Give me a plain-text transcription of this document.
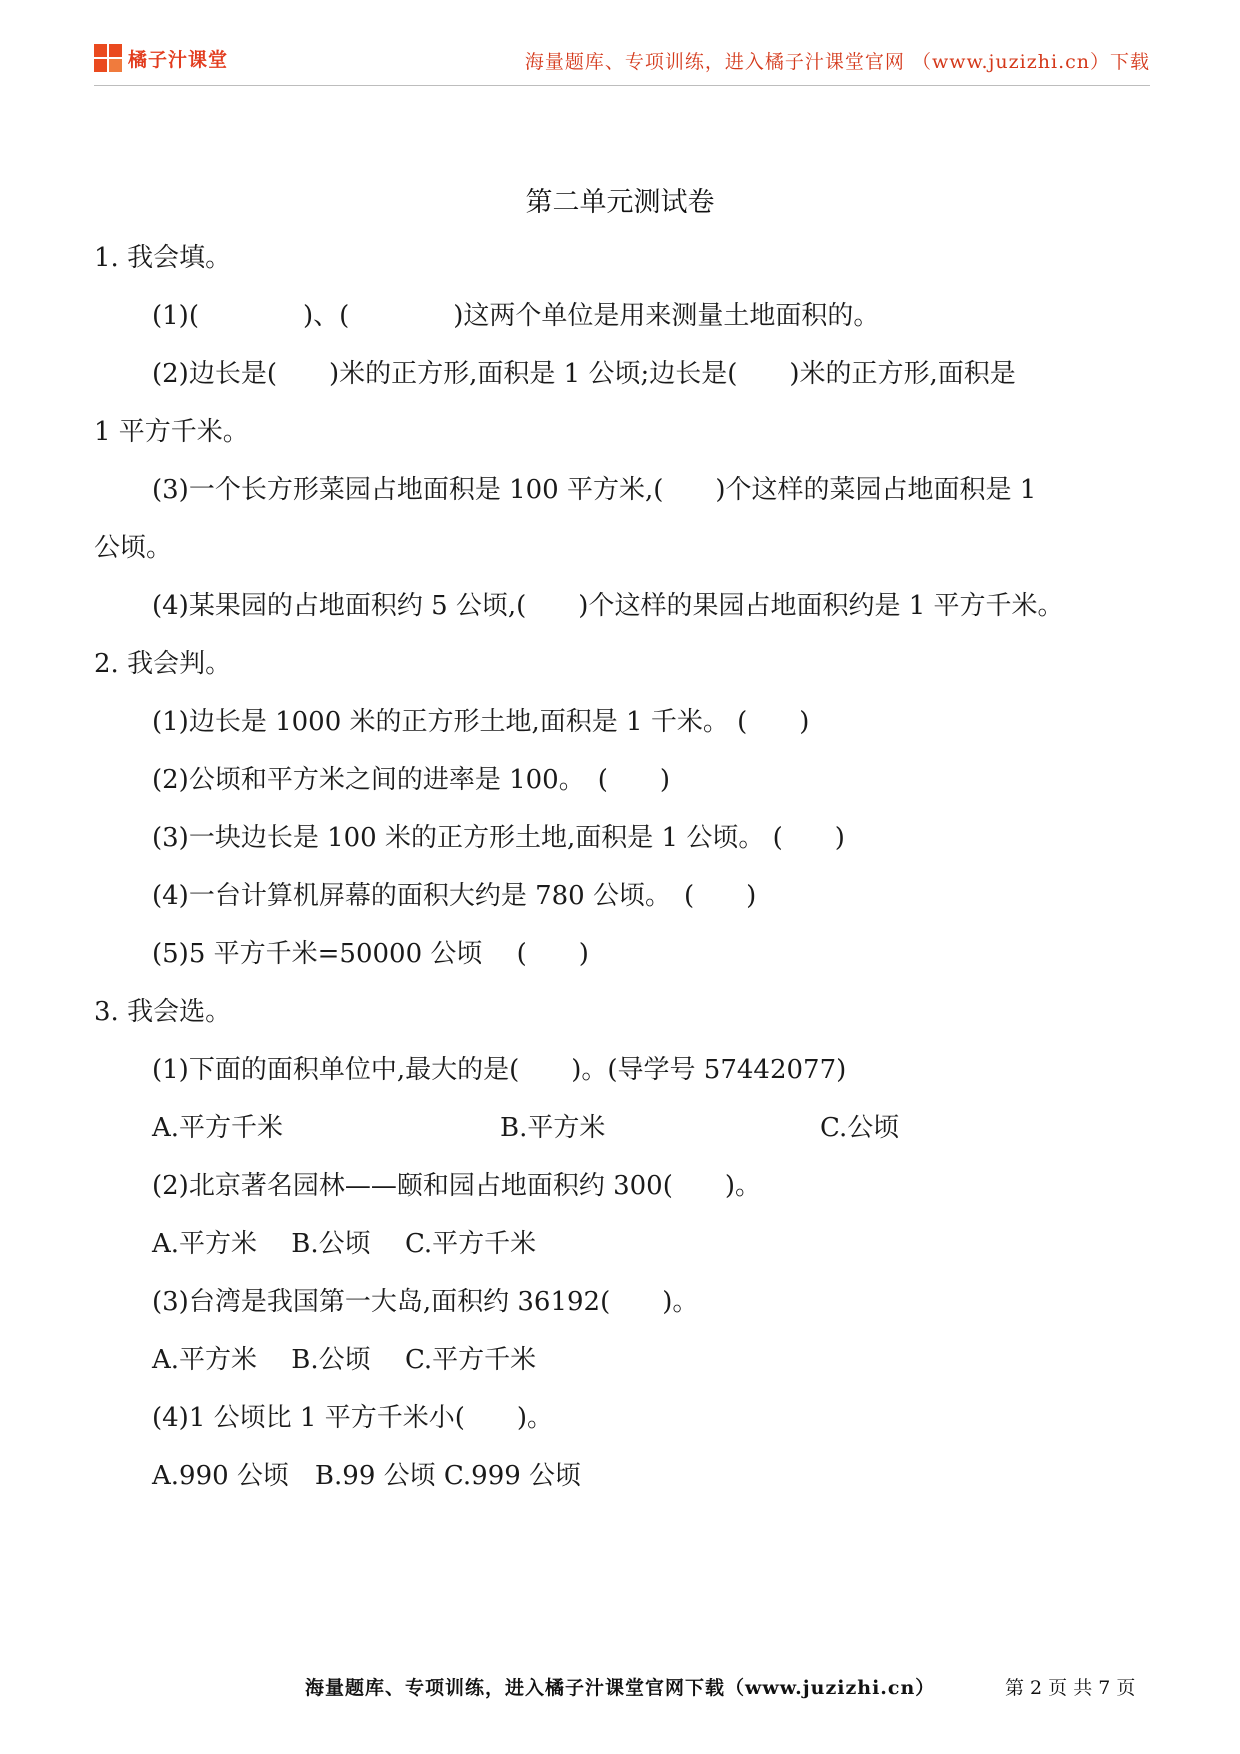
橘子汁课堂	海量题库、专项训练，进入橘子汁课堂官网 （www.juzizhi.cn）下载
第二单元测试卷
1. 我会填。
(1)(　　　　)、(　　　　)这两个单位是用来测量土地面积的。
(2)边长是(　　)米的正方形,面积是 1 公顷;边长是(　　)米的正方形,面积是
1 平方千米。
(3)一个长方形菜园占地面积是 100 平方米,(　　)个这样的菜园占地面积是 1
公顷。
(4)某果园的占地面积约 5 公顷,(　　)个这样的果园占地面积约是 1 平方千米。
2. 我会判。
(1)边长是 1000 米的正方形土地,面积是 1 千米。 (　　)
(2)公顷和平方米之间的进率是 100。　(　　)
(3)一块边长是 100 米的正方形土地,面积是 1 公顷。 (　　)
(4)一台计算机屏幕的面积大约是 780 公顷。　(　　)
(5)5 平方千米=50000 公顷　 (　　)
3. 我会选。
(1)下面的面积单位中,最大的是(　　)。(导学号 57442077)
A.平方千米	B.平方米	C.公顷
(2)北京著名园林——颐和园占地面积约 300(　　)。
A.平方米　 B.公顷　 C.平方千米
(3)台湾是我国第一大岛,面积约 36192(　　)。
A.平方米　 B.公顷　 C.平方千米
(4)1 公顷比 1 平方千米小(　　)。
A.990 公顷　B.99 公顷 C.999 公顷
海量题库、专项训练，进入橘子汁课堂官网下载（www.juzizhi.cn）	第 2 页 共 7 页
